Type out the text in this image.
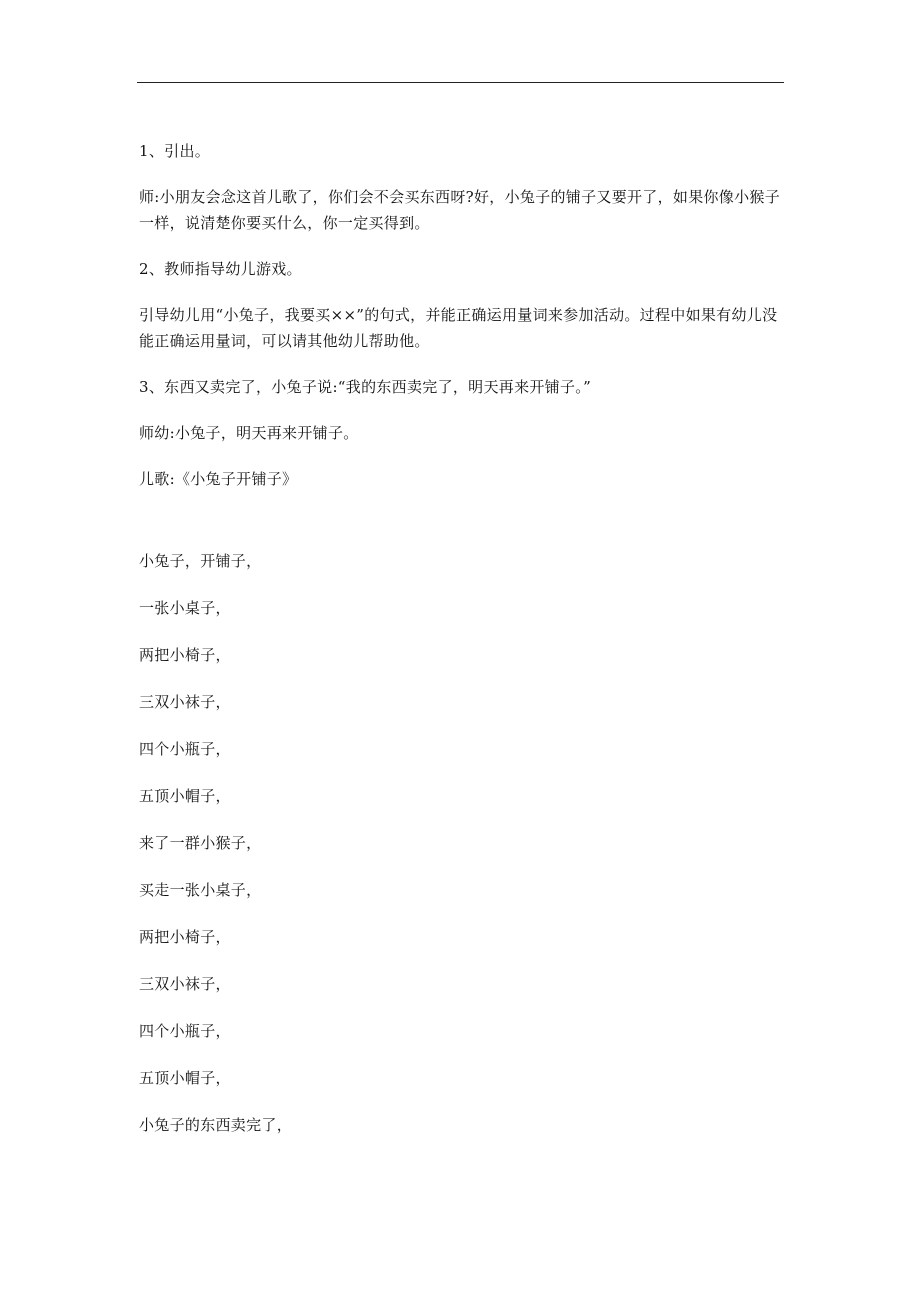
1、引出。

师:小朋友会念这首儿歌了，你们会不会买东西呀?好，小兔子的铺子又要开了，如果你像小猴子一样，说清楚你要买什么，你一定买得到。

2、教师指导幼儿游戏。

引导幼儿用“小兔子，我要买××”的句式，并能正确运用量词来参加活动。过程中如果有幼儿没能正确运用量词，可以请其他幼儿帮助他。

3、东西又卖完了，小兔子说:“我的东西卖完了，明天再来开铺子。”

师幼:小兔子，明天再来开铺子。

儿歌:《小兔子开铺子》

小兔子，开铺子，

一张小桌子，

两把小椅子，

三双小袜子，

四个小瓶子，

五顶小帽子，

来了一群小猴子，

买走一张小桌子，

两把小椅子，

三双小袜子，

四个小瓶子，

五顶小帽子，

小兔子的东西卖完了，
